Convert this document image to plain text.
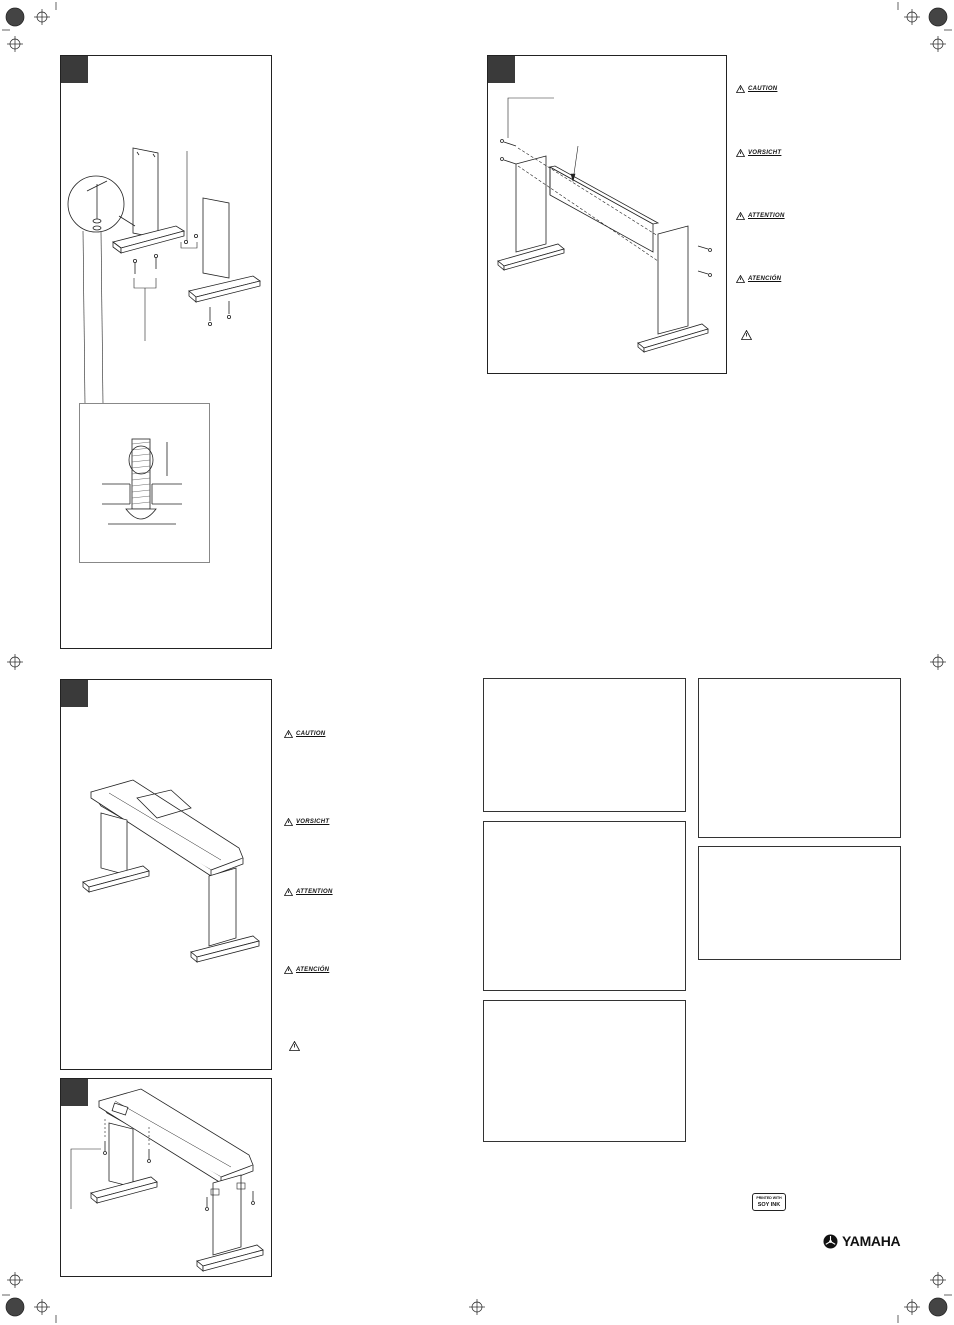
CAUTION
VORSICHT
ATTENTION
ATENCIÓN
CAUTION
VORSICHT
ATTENTION
ATENCIÓN
PRINTED WITH
SOY INK
YAMAHA
